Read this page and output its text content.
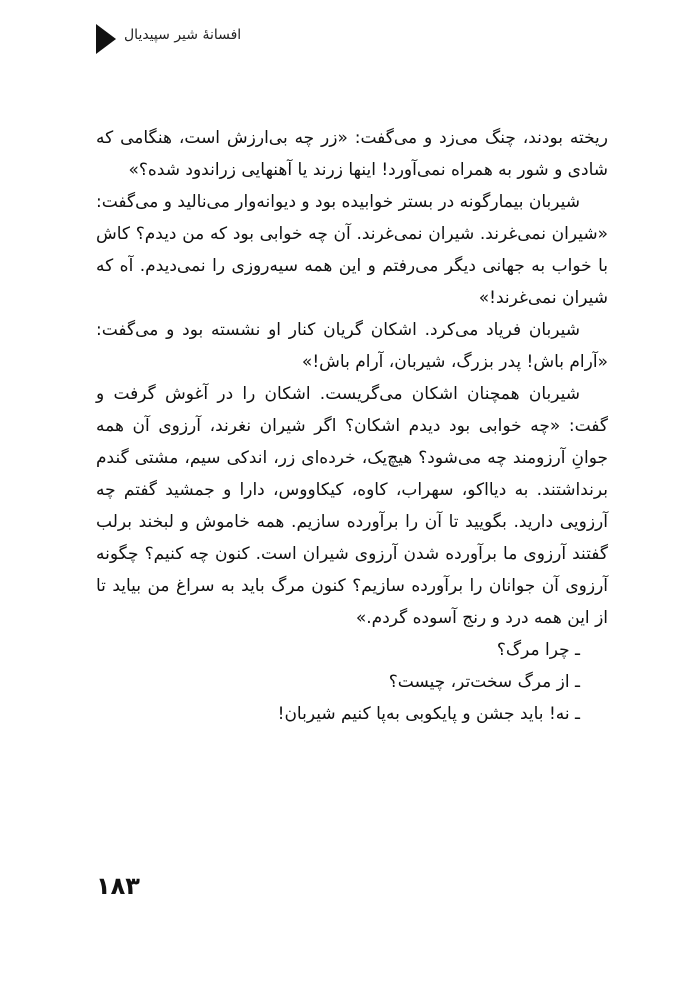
افسانهٔ شیر سپیدیال

ریخته بودند، چنگ می‌زد و می‌گفت: «زر چه بی‌ارزش است، هنگامی که شادی و شور به همراه نمی‌آورد! اینها زرند یا آهنهایی زراندود شده؟»

شیربان بیمارگونه در بستر خوابیده بود و دیوانه‌وار می‌نالید و می‌گفت: «شیران نمی‌غرند. شیران نمی‌غرند. آن چه خوابی بود که من دیدم؟ کاش با خواب به جهانی دیگر می‌رفتم و این همه سیه‌روزی را نمی‌دیدم. آه که شیران نمی‌غرند!»

شیربان فریاد می‌کرد. اشکان گریان کنار او نشسته بود و می‌گفت: «آرام باش! پدر بزرگ، شیربان، آرام باش!»

شیربان همچنان اشکان می‌گریست. اشکان را در آغوش گرفت و گفت: «چه خوابی بود دیدم اشکان؟ اگر شیران نغرند، آرزوی آن همه جوانِ آرزومند چه می‌شود؟ هیچ‌یک، خرده‌ای زر، اندکی سیم، مشتی گندم برنداشتند. به دیااکو، سهراب، کاوه، کیکاووس، دارا و جمشید گفتم چه آرزویی دارید. بگویید تا آن را برآورده سازیم. همه خاموش و لبخند برلب گفتند آرزوی ما برآورده شدن آرزوی شیران است. کنون چه کنیم؟ چگونه آرزوی آن جوانان را برآورده سازیم؟ کنون مرگ باید به سراغ من بیاید تا از این همه درد و رنج آسوده گردم.»

ـ چرا مرگ؟

ـ از مرگ سخت‌تر، چیست؟

ـ نه! باید جشن و پایکوبی به‌پا کنیم شیربان!

۱۸۳
